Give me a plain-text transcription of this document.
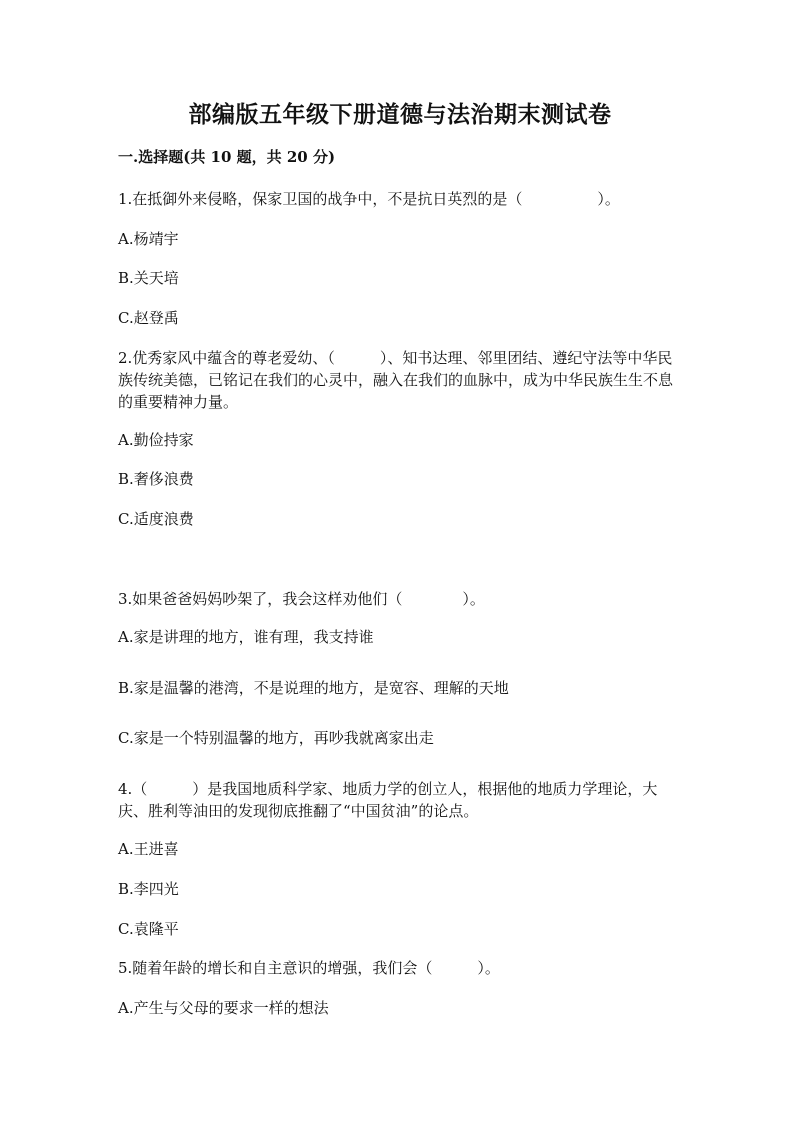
部编版五年级下册道德与法治期末测试卷
一.选择题(共 10 题，共 20 分)
1.在抵御外来侵略，保家卫国的战争中，不是抗日英烈的是（　　　　　）。
A.杨靖宇
B.关天培
C.赵登禹
2.优秀家风中蕴含的尊老爱幼、（　　　）、知书达理、邻里团结、遵纪守法等中华民族传统美德，已铭记在我们的心灵中，融入在我们的血脉中，成为中华民族生生不息的重要精神力量。
A.勤俭持家
B.奢侈浪费
C.适度浪费
3.如果爸爸妈妈吵架了，我会这样劝他们（　　　　）。
A.家是讲理的地方，谁有理，我支持谁
B.家是温馨的港湾，不是说理的地方，是宽容、理解的天地
C.家是一个特别温馨的地方，再吵我就离家出走
4.（　　　）是我国地质科学家、地质力学的创立人，根据他的地质力学理论，大庆、胜利等油田的发现彻底推翻了“中国贫油”的论点。
A.王进喜
B.李四光
C.袁隆平
5.随着年龄的增长和自主意识的增强，我们会（　　　）。
A.产生与父母的要求一样的想法
